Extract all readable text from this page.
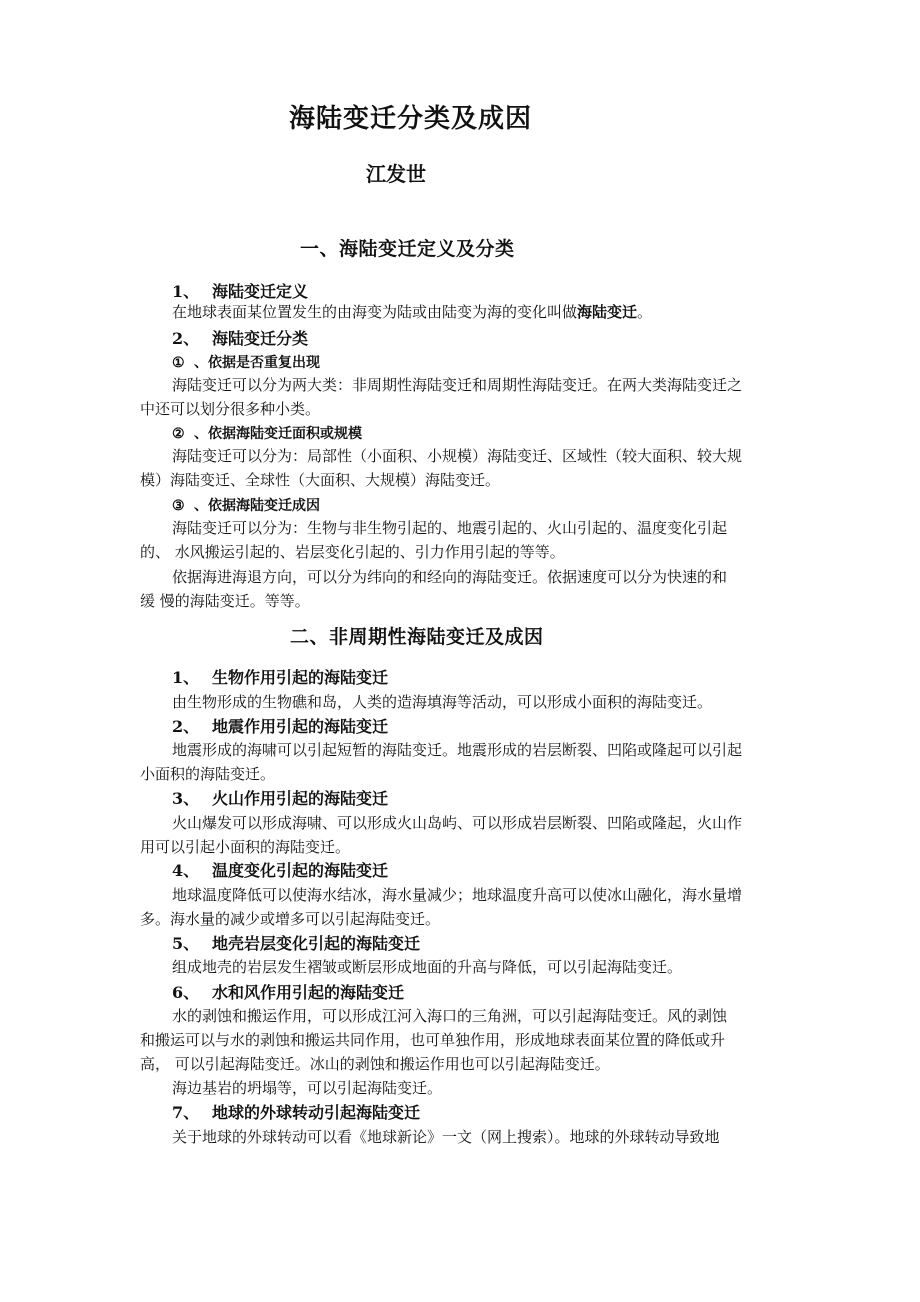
海陆变迁分类及成因
江发世
一、海陆变迁定义及分类
1、 海陆变迁定义
在地球表面某位置发生的由海变为陆或由陆变为海的变化叫做海陆变迁。
2、 海陆变迁分类
① 、依据是否重复出现
海陆变迁可以分为两大类：非周期性海陆变迁和周期性海陆变迁。在两大类海陆变迁之
中还可以划分很多种小类。
② 、依据海陆变迁面积或规模
海陆变迁可以分为：局部性（小面积、小规模）海陆变迁、区域性（较大面积、较大规
模）海陆变迁、全球性（大面积、大规模）海陆变迁。
③ 、依据海陆变迁成因
海陆变迁可以分为：生物与非生物引起的、地震引起的、火山引起的、温度变化引起
的、 水风搬运引起的、岩层变化引起的、引力作用引起的等等。
依据海进海退方向，可以分为纬向的和经向的海陆变迁。依据速度可以分为快速的和
缓 慢的海陆变迁。等等。
二、非周期性海陆变迁及成因
1、 生物作用引起的海陆变迁
由生物形成的生物礁和岛，人类的造海填海等活动，可以形成小面积的海陆变迁。
2、 地震作用引起的海陆变迁
地震形成的海啸可以引起短暂的海陆变迁。地震形成的岩层断裂、凹陷或隆起可以引起
小面积的海陆变迁。
3、 火山作用引起的海陆变迁
火山爆发可以形成海啸、可以形成火山岛屿、可以形成岩层断裂、凹陷或隆起，火山作
用可以引起小面积的海陆变迁。
4、 温度变化引起的海陆变迁
地球温度降低可以使海水结冰，海水量减少；地球温度升高可以使冰山融化，海水量增
多。海水量的减少或增多可以引起海陆变迁。
5、 地壳岩层变化引起的海陆变迁
组成地壳的岩层发生褶皱或断层形成地面的升高与降低，可以引起海陆变迁。
6、 水和风作用引起的海陆变迁
水的剥蚀和搬运作用，可以形成江河入海口的三角洲，可以引起海陆变迁。风的剥蚀
和搬运可以与水的剥蚀和搬运共同作用，也可单独作用，形成地球表面某位置的降低或升
高， 可以引起海陆变迁。冰山的剥蚀和搬运作用也可以引起海陆变迁。
海边基岩的坍塌等，可以引起海陆变迁。
7、 地球的外球转动引起海陆变迁
关于地球的外球转动可以看《地球新论》一文（网上搜索）。地球的外球转动导致地
